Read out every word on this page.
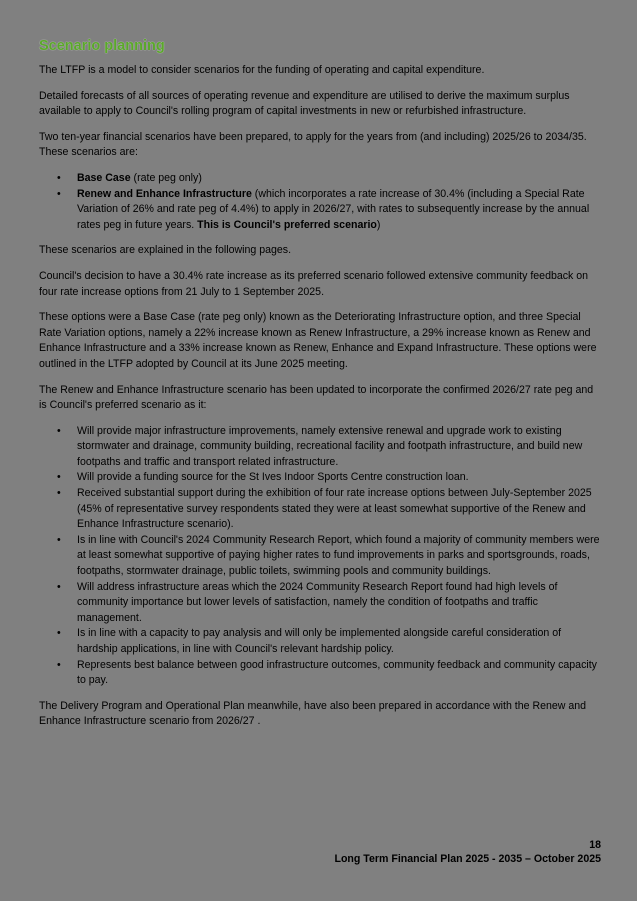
Scenario planning

The LTFP is a model to consider scenarios for the funding of operating and capital expenditure.

Detailed forecasts of all sources of operating revenue and expenditure are utilised to derive the maximum surplus available to apply to Council's rolling program of capital investments in new or refurbished infrastructure.

Two ten-year financial scenarios have been prepared, to apply for the years from (and including) 2025/26 to 2034/35. These scenarios are:

• Base Case (rate peg only)
• Renew and Enhance Infrastructure (which incorporates a rate increase of 30.4% (including a Special Rate Variation of 26% and rate peg of 4.4%) to apply in 2026/27, with rates to subsequently increase by the annual rates peg in future years. This is Council's preferred scenario)

These scenarios are explained in the following pages.

Council's decision to have a 30.4% rate increase as its preferred scenario followed extensive community feedback on four rate increase options from 21 July to 1 September 2025.

These options were a Base Case (rate peg only) known as the Deteriorating Infrastructure option, and three Special Rate Variation options, namely a 22% increase known as Renew Infrastructure, a 29% increase known as Renew and Enhance Infrastructure and a 33% increase known as Renew, Enhance and Expand Infrastructure. These options were outlined in the LTFP adopted by Council at its June 2025 meeting.

The Renew and Enhance Infrastructure scenario has been updated to incorporate the confirmed 2026/27 rate peg and is Council's preferred scenario as it:

• Will provide major infrastructure improvements, namely extensive renewal and upgrade work to existing stormwater and drainage, community building, recreational facility and footpath infrastructure, and build new footpaths and traffic and transport related infrastructure.
• Will provide a funding source for the St Ives Indoor Sports Centre construction loan.
• Received substantial support during the exhibition of four rate increase options between July-September 2025 (45% of representative survey respondents stated they were at least somewhat supportive of the Renew and Enhance Infrastructure scenario).
• Is in line with Council's 2024 Community Research Report, which found a majority of community members were at least somewhat supportive of paying higher rates to fund improvements in parks and sportsgrounds, roads, footpaths, stormwater drainage, public toilets, swimming pools and community buildings.
• Will address infrastructure areas which the 2024 Community Research Report found had high levels of community importance but lower levels of satisfaction, namely the condition of footpaths and traffic management.
• Is in line with a capacity to pay analysis and will only be implemented alongside careful consideration of hardship applications, in line with Council's relevant hardship policy.
• Represents best balance between good infrastructure outcomes, community feedback and community capacity to pay.

The Delivery Program and Operational Plan meanwhile, have also been prepared in accordance with the Renew and Enhance Infrastructure scenario from 2026/27 .

18
Long Term Financial Plan 2025 - 2035 – October 2025
